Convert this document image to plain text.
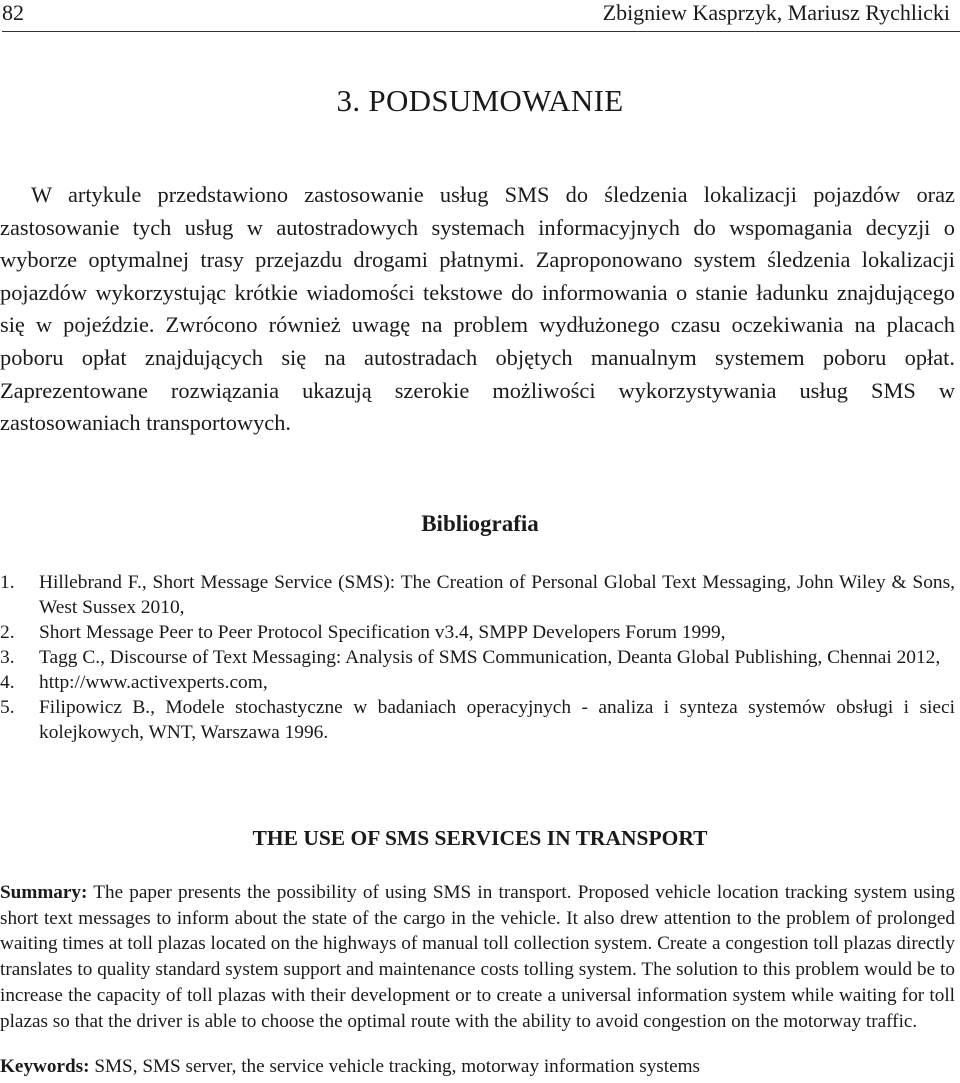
82	Zbigniew Kasprzyk, Mariusz Rychlicki
3. PODSUMOWANIE

W artykule przedstawiono zastosowanie usług SMS do śledzenia lokalizacji pojazdów oraz zastosowanie tych usług w autostradowych systemach informacyjnych do wspomagania decyzji o wyborze optymalnej trasy przejazdu drogami płatnymi. Zaproponowano system śledzenia lokalizacji pojazdów wykorzystując krótkie wiadomości tekstowe do informowania o stanie ładunku znajdującego się w pojeździe. Zwrócono również uwagę na problem wydłużonego czasu oczekiwania na placach poboru opłat znajdujących się na autostradach objętych manualnym systemem poboru opłat. Zaprezentowane rozwiązania ukazują szerokie możliwości wykorzystywania usług SMS w zastosowaniach transportowych.

Bibliografia
1. Hillebrand F., Short Message Service (SMS): The Creation of Personal Global Text Messaging, John Wiley & Sons, West Sussex 2010,
2. Short Message Peer to Peer Protocol Specification v3.4, SMPP Developers Forum 1999,
3. Tagg C., Discourse of Text Messaging: Analysis of SMS Communication, Deanta Global Publishing, Chennai 2012,
4. http://www.activexperts.com,
5. Filipowicz B., Modele stochastyczne w badaniach operacyjnych - analiza i synteza systemów obsługi i sieci kolejkowych, WNT, Warszawa 1996.
THE USE OF SMS SERVICES IN TRANSPORT

Summary: The paper presents the possibility of using SMS in transport. Proposed vehicle location tracking system using short text messages to inform about the state of the cargo in the vehicle. It also drew attention to the problem of prolonged waiting times at toll plazas located on the highways of manual toll collection system. Create a congestion toll plazas directly translates to quality standard system support and maintenance costs tolling system. The solution to this problem would be to increase the capacity of toll plazas with their development or to create a universal information system while waiting for toll plazas so that the driver is able to choose the optimal route with the ability to avoid congestion on the motorway traffic.

Keywords: SMS, SMS server, the service vehicle tracking, motorway information systems
